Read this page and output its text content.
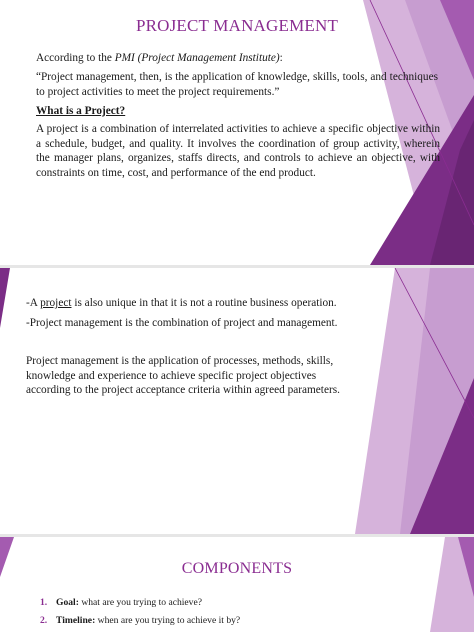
PROJECT MANAGEMENT

According to the PMI (Project Management Institute):

“Project management, then, is the application of knowledge, skills, tools, and techniques to project activities to meet the project requirements.”

What is a Project?

A project is a combination of interrelated activities to achieve a specific objective within a schedule, budget, and quality. It involves the coordination of group activity, wherein the manager plans, organizes, staffs directs, and controls to achieve an objective, with constraints on time, cost, and performance of the end product.

-A project is also unique in that it is not a routine business operation.

-Project management is the combination of project and management.

Project management is the application of processes, methods, skills, knowledge and experience to achieve specific project objectives according to the project acceptance criteria within agreed parameters.

COMPONENTS
1. Goal: what are you trying to achieve?
2. Timeline: when are you trying to achieve it by?
